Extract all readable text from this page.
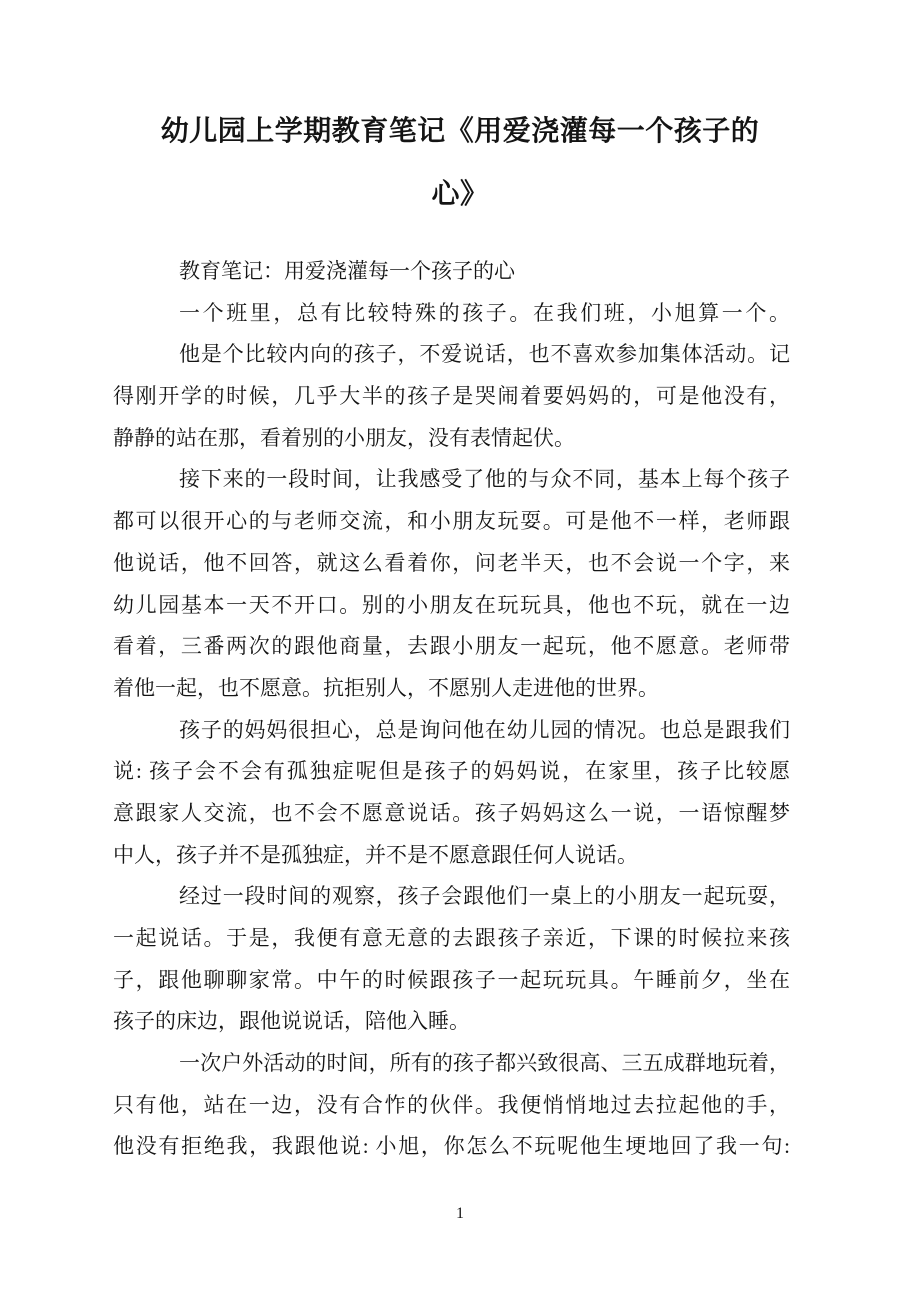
幼儿园上学期教育笔记《用爱浇灌每一个孩子的
心》
教育笔记：用爱浇灌每一个孩子的心
一个班里，总有比较特殊的孩子。在我们班，小旭算一个。
他是个比较内向的孩子，不爱说话，也不喜欢参加集体活动。记
得刚开学的时候，几乎大半的孩子是哭闹着要妈妈的，可是他没有，
静静的站在那，看着别的小朋友，没有表情起伏。
接下来的一段时间，让我感受了他的与众不同，基本上每个孩子
都可以很开心的与老师交流，和小朋友玩耍。可是他不一样，老师跟
他说话，他不回答，就这么看着你，问老半天，也不会说一个字，来
幼儿园基本一天不开口。别的小朋友在玩玩具，他也不玩，就在一边
看着，三番两次的跟他商量，去跟小朋友一起玩，他不愿意。老师带
着他一起，也不愿意。抗拒别人，不愿别人走进他的世界。
孩子的妈妈很担心，总是询问他在幼儿园的情况。也总是跟我们
说: 孩子会不会有孤独症呢但是孩子的妈妈说，在家里，孩子比较愿
意跟家人交流，也不会不愿意说话。孩子妈妈这么一说，一语惊醒梦
中人，孩子并不是孤独症，并不是不愿意跟任何人说话。
经过一段时间的观察，孩子会跟他们一桌上的小朋友一起玩耍，
一起说话。于是，我便有意无意的去跟孩子亲近，下课的时候拉来孩
子，跟他聊聊家常。中午的时候跟孩子一起玩玩具。午睡前夕，坐在
孩子的床边，跟他说说话，陪他入睡。
一次户外活动的时间，所有的孩子都兴致很高、三五成群地玩着，
只有他，站在一边，没有合怍的伙伴。我便悄悄地过去拉起他的手，
他没有拒绝我，我跟他说: 小旭，你怎么不玩呢他生埂地回了我一句:
1
